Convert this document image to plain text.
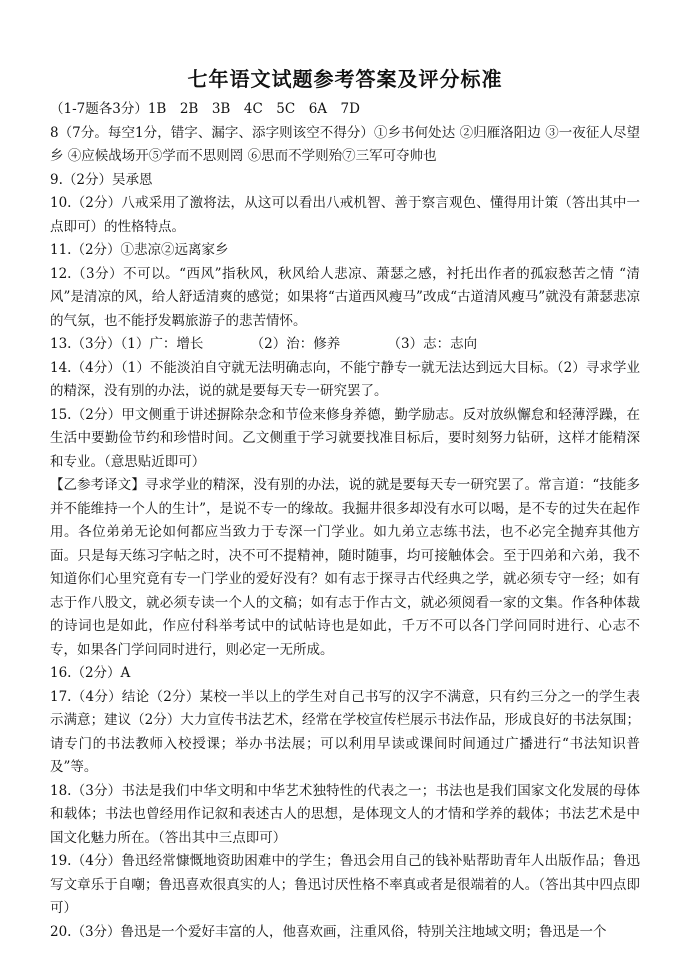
七年语文试题参考答案及评分标准

（1-7题各3分）1B　2B　3B　4C　5C　6A　7D

8（7分。每空1分，错字、漏字、添字则该空不得分）①乡书何处达 ②归雁洛阳边 ③一夜征人尽望乡 ④应候战场开⑤学而不思则罔 ⑥思而不学则殆⑦三军可夺帅也

9.（2分）吴承恩

10.（2分）八戒采用了激将法，从这可以看出八戒机智、善于察言观色、懂得用计策（答出其中一点即可）的性格特点。

11.（2分）①悲凉②远离家乡

12.（3分）不可以。“西风”指秋风，秋风给人悲凉、萧瑟之感，衬托出作者的孤寂愁苦之情 “清风”是清凉的风，给人舒适清爽的感觉；如果将“古道西风瘦马”改成“古道清风瘦马”就没有萧瑟悲凉的气氛，也不能抒发羁旅游子的悲苦情怀。

13.（3分）（1）广：增长　　　　（2）治：修养　　　　（3）志：志向

14.（4分）（1）不能淡泊自守就无法明确志向，不能宁静专一就无法达到远大目标。（2）寻求学业的精深，没有别的办法，说的就是要每天专一研究罢了。

15.（2分）甲文侧重于讲述摒除杂念和节俭来修身养德，勤学励志。反对放纵懈怠和轻薄浮躁，在生活中要勤俭节约和珍惜时间。乙文侧重于学习就要找准目标后，要时刻努力钻研，这样才能精深和专业。（意思贴近即可）

【乙参考译文】寻求学业的精深，没有别的办法，说的就是要每天专一研究罢了。常言道：“技能多并不能维持一个人的生计”，是说不专一的缘故。我掘井很多却没有水可以喝，是不专的过失在起作用。各位弟弟无论如何都应当致力于专深一门学业。如九弟立志练书法，也不必完全抛弃其他方面。只是每天练习字帖之时，决不可不提精神，随时随事，均可接触体会。至于四弟和六弟，我不知道你们心里究竟有专一门学业的爱好没有？如有志于探寻古代经典之学，就必须专守一经；如有志于作八股文，就必须专读一个人的文稿；如有志于作古文，就必须阅看一家的文集。作各种体裁的诗词也是如此，作应付科举考试中的试帖诗也是如此，千万不可以各门学问同时进行、心志不专，如果各门学问同时进行，则必定一无所成。

16.（2分）A

17.（4分）结论（2分）某校一半以上的学生对自己书写的汉字不满意，只有约三分之一的学生表示满意；建议（2分）大力宣传书法艺术，经常在学校宣传栏展示书法作品，形成良好的书法氛围；请专门的书法教师入校授课；举办书法展；可以利用早读或课间时间通过广播进行“书法知识普及”等。

18.（3分）书法是我们中华文明和中华艺术独特性的代表之一；书法也是我们国家文化发展的母体和载体；书法也曾经用作记叙和表述古人的思想，是体现文人的才情和学养的载体；书法艺术是中国文化魅力所在。（答出其中三点即可）

19.（4分）鲁迅经常慷慨地资助困难中的学生；鲁迅会用自己的钱补贴帮助青年人出版作品；鲁迅写文章乐于自嘲；鲁迅喜欢很真实的人；鲁迅讨厌性格不率真或者是很端着的人。（答出其中四点即可）

20.（3分）鲁迅是一个爱好丰富的人，他喜欢画，注重风俗，特别关注地域文明；鲁迅是一个
